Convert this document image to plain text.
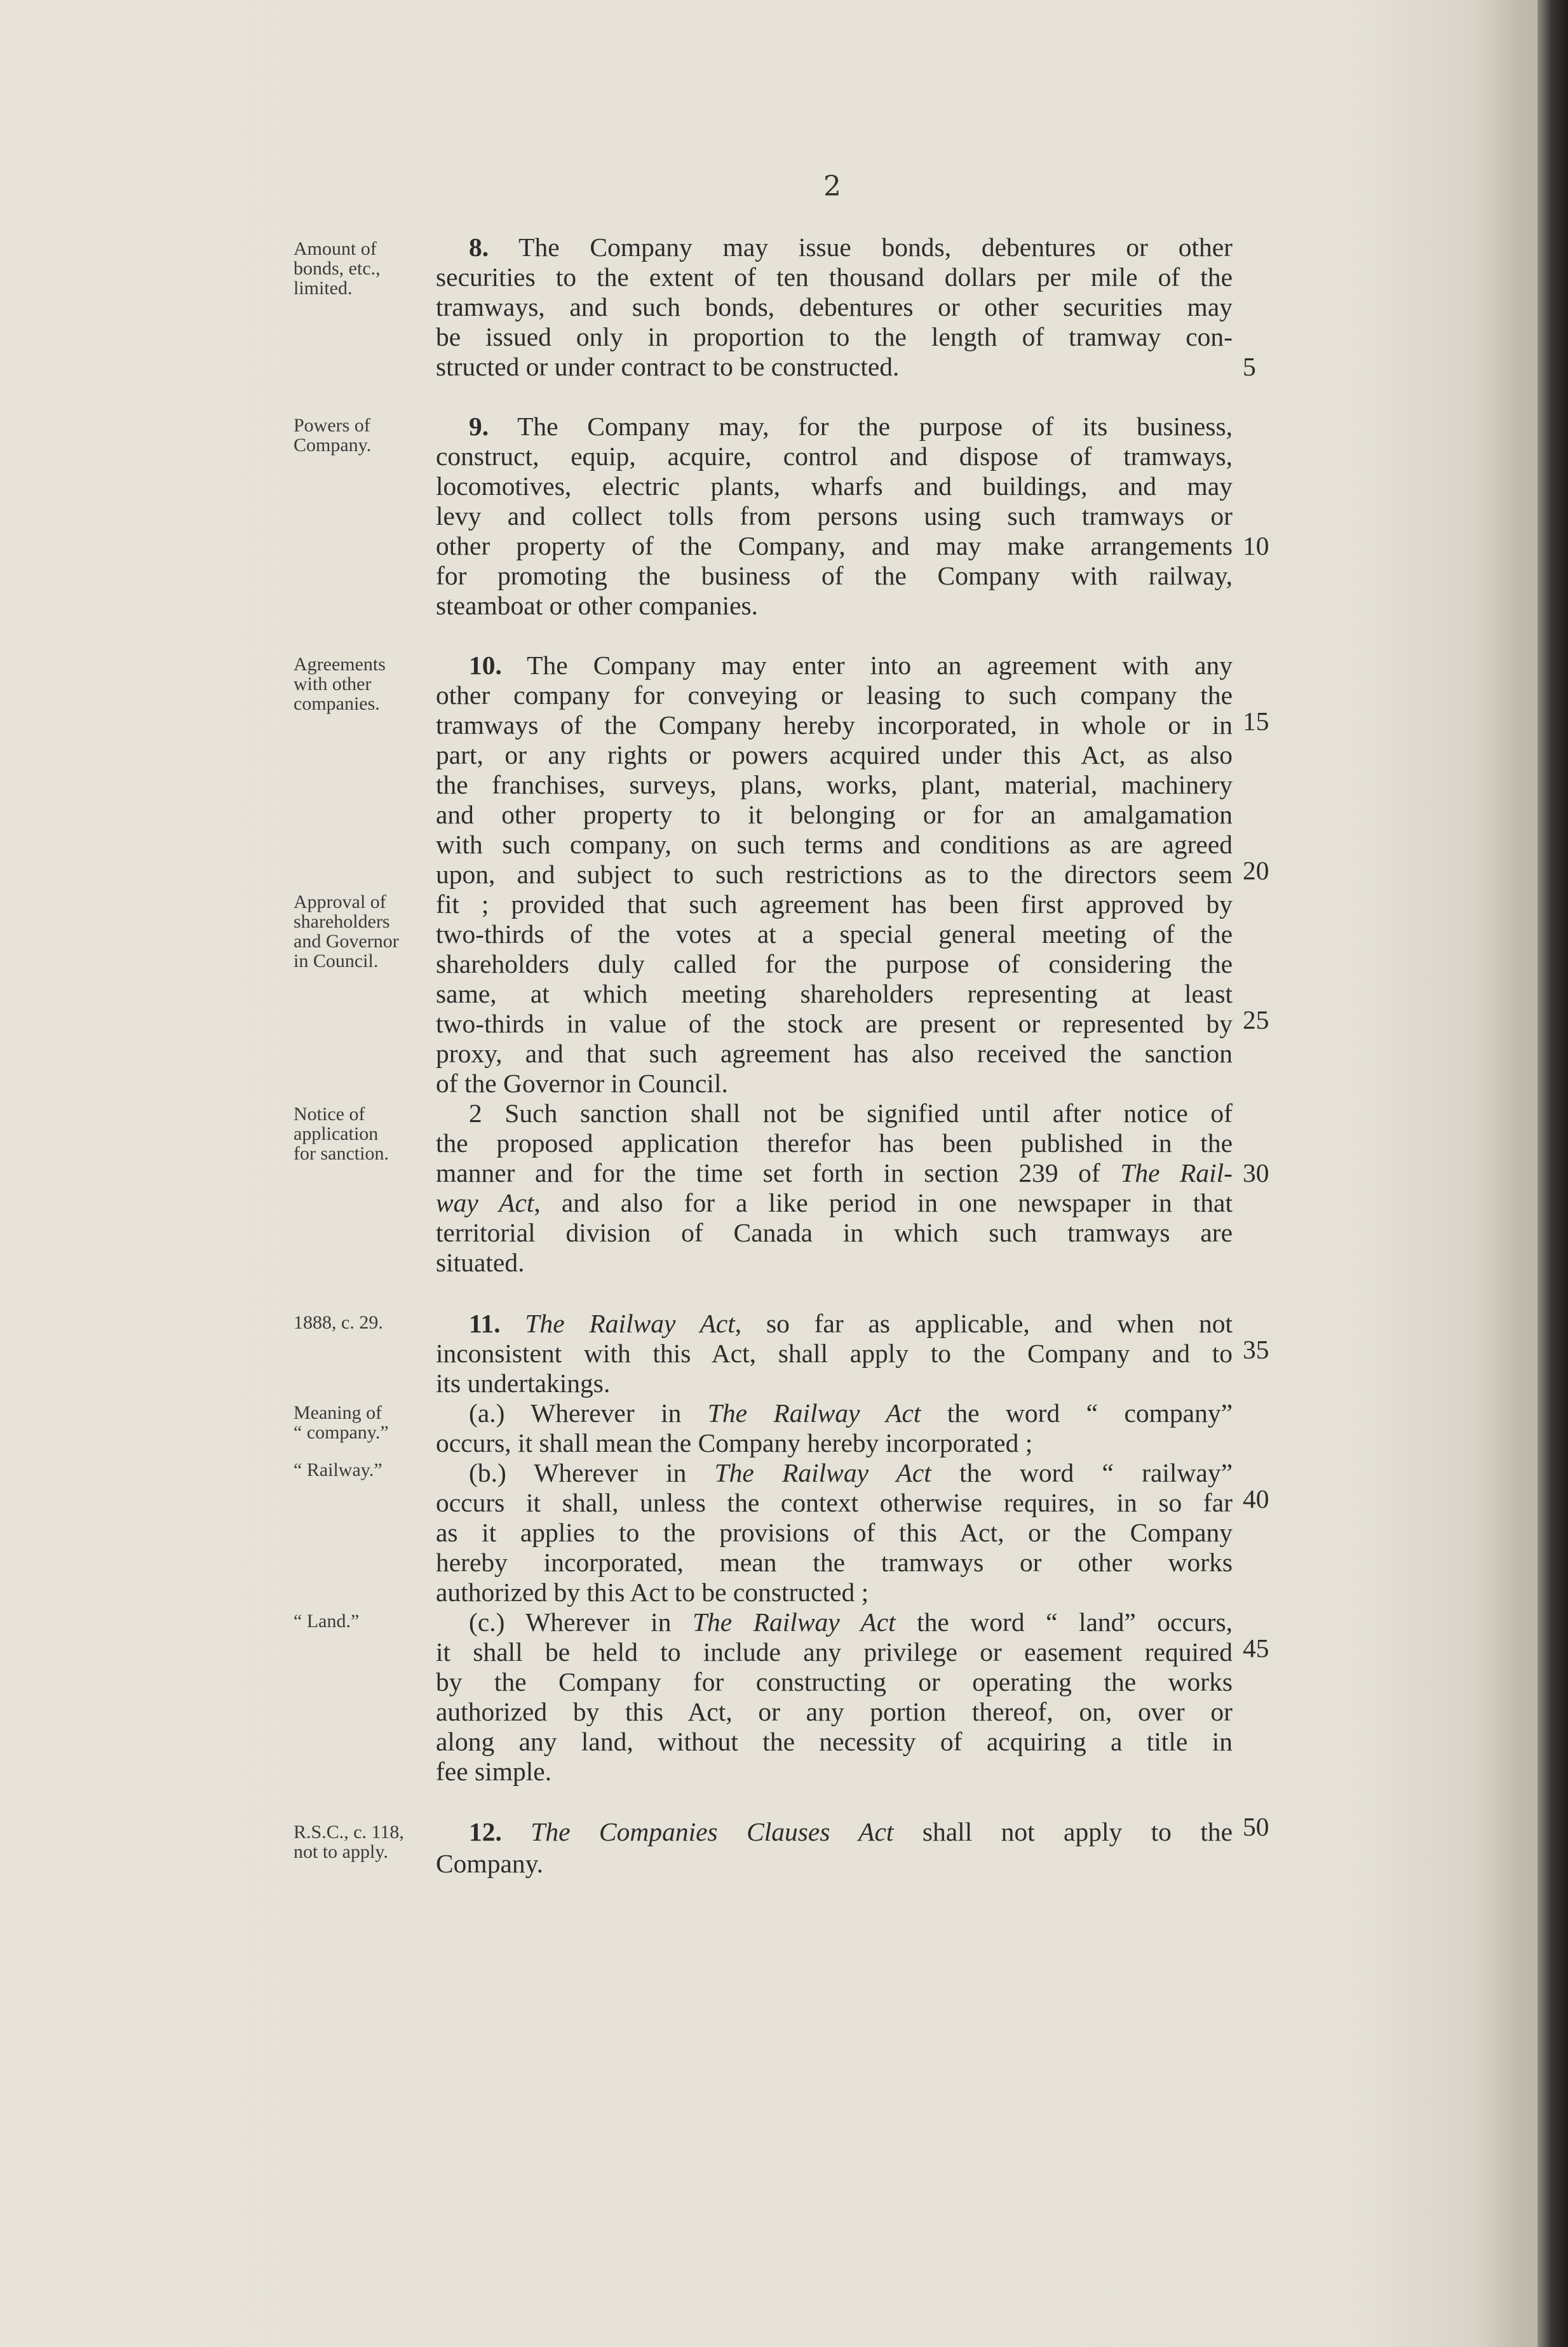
2
Amount of
bonds, etc.,
limited.
Powers of
Company.
Agreements
with other
companies.
Approval of
shareholders
and Governor
in Council.
Notice of
application
for sanction.
1888, c. 29.
Meaning of
“ company.”
“ Railway.”
“ Land.”
R.S.C., c. 118,
not to apply.
8. The Company may issue bonds, debentures or other
securities to the extent of ten thousand dollars per mile of the
tramways, and such bonds, debentures or other securities may
be issued only in proportion to the length of tramway con-
structed or under contract to be constructed.	5
9. The Company may, for the purpose of its business,
construct, equip, acquire, control and dispose of tramways,
locomotives, electric plants, wharfs and buildings, and may
levy and collect tolls from persons using such tramways or
other property of the Company, and may make arrangements 10
for promoting the business of the Company with railway,
steamboat or other companies.
10. The Company may enter into an agreement with any
other company for conveying or leasing to such company the
tramways of the Company hereby incorporated, in whole or in 15
part, or any rights or powers acquired under this Act, as also
the franchises, surveys, plans, works, plant, material, machinery
and other property to it belonging or for an amalgamation
with such company, on such terms and conditions as are agreed
upon, and subject to such restrictions as to the directors seem 20
fit ; provided that such agreement has been first approved by
two-thirds of the votes at a special general meeting of the
shareholders duly called for the purpose of considering the
same, at which meeting shareholders representing at least
two-thirds in value of the stock are present or represented by 25
proxy, and that such agreement has also received the sanction
of the Governor in Council.
2 Such sanction shall not be signified until after notice of
the proposed application therefor has been published in the
manner and for the time set forth in section 239 of The Rail- 30
way Act, and also for a like period in one newspaper in that
territorial division of Canada in which such tramways are
situated.
11. The Railway Act, so far as applicable, and when not
inconsistent with this Act, shall apply to the Company and to 35
its undertakings.
(a.) Wherever in The Railway Act the word “ company”
occurs, it shall mean the Company hereby incorporated ;
(b.) Wherever in The Railway Act the word “ railway”
occurs it shall, unless the context otherwise requires, in so far 40
as it applies to the provisions of this Act, or the Company
hereby incorporated, mean the tramways or other works
authorized by this Act to be constructed ;
(c.) Wherever in The Railway Act the word “ land” occurs,
it shall be held to include any privilege or easement required 45
by the Company for constructing or operating the works
authorized by this Act, or any portion thereof, on, over or
along any land, without the necessity of acquiring a title in
fee simple.
12. The Companies Clauses Act shall not apply to the 50
Company.
